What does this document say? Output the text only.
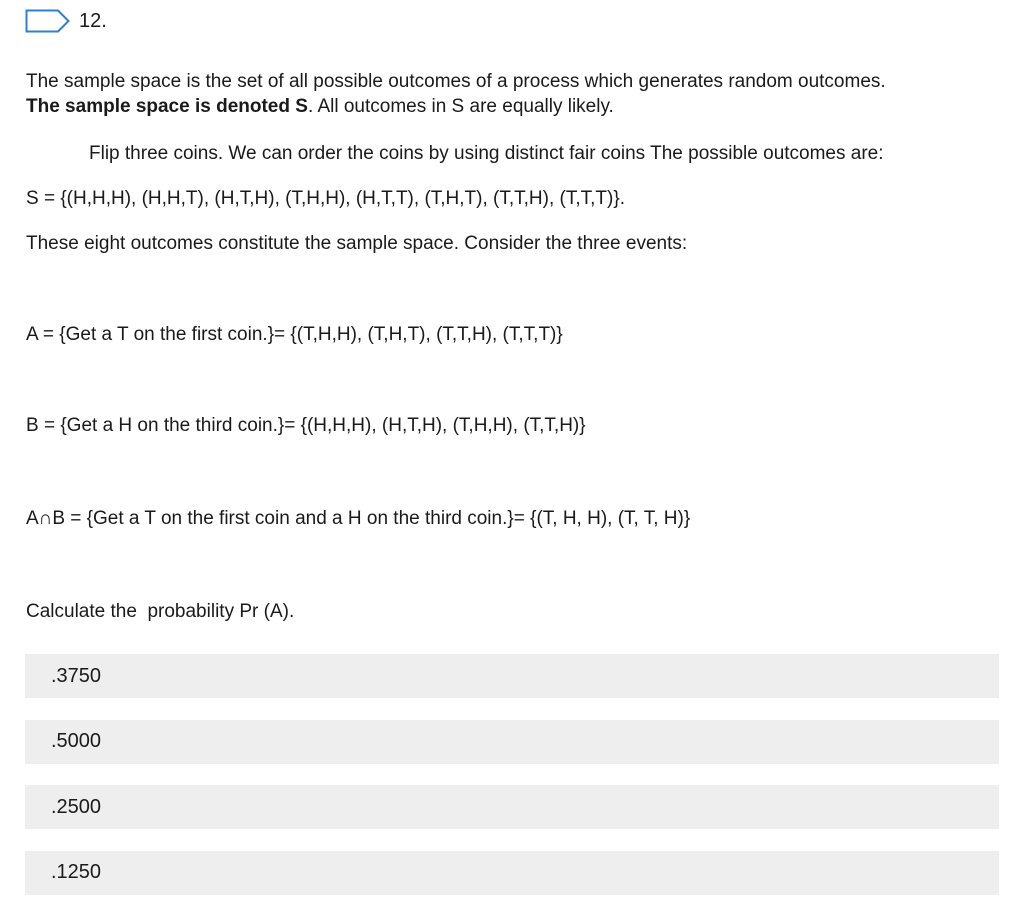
12.
The sample space is the set of all possible outcomes of a process which generates random outcomes.
The sample space is denoted S. All outcomes in S are equally likely.
Flip three coins. We can order the coins by using distinct fair coins The possible outcomes are:
S = {(H,H,H), (H,H,T), (H,T,H), (T,H,H), (H,T,T), (T,H,T), (T,T,H), (T,T,T)}.
These eight outcomes constitute the sample space. Consider the three events:
A = {Get a T on the first coin.}= {(T,H,H), (T,H,T), (T,T,H), (T,T,T)}
B = {Get a H on the third coin.}= {(H,H,H), (H,T,H), (T,H,H), (T,T,H)}
A∩B = {Get a T on the first coin and a H on the third coin.}= {(T, H, H), (T, T, H)}
Calculate the  probability Pr (A).
.3750
.5000
.2500
.1250
